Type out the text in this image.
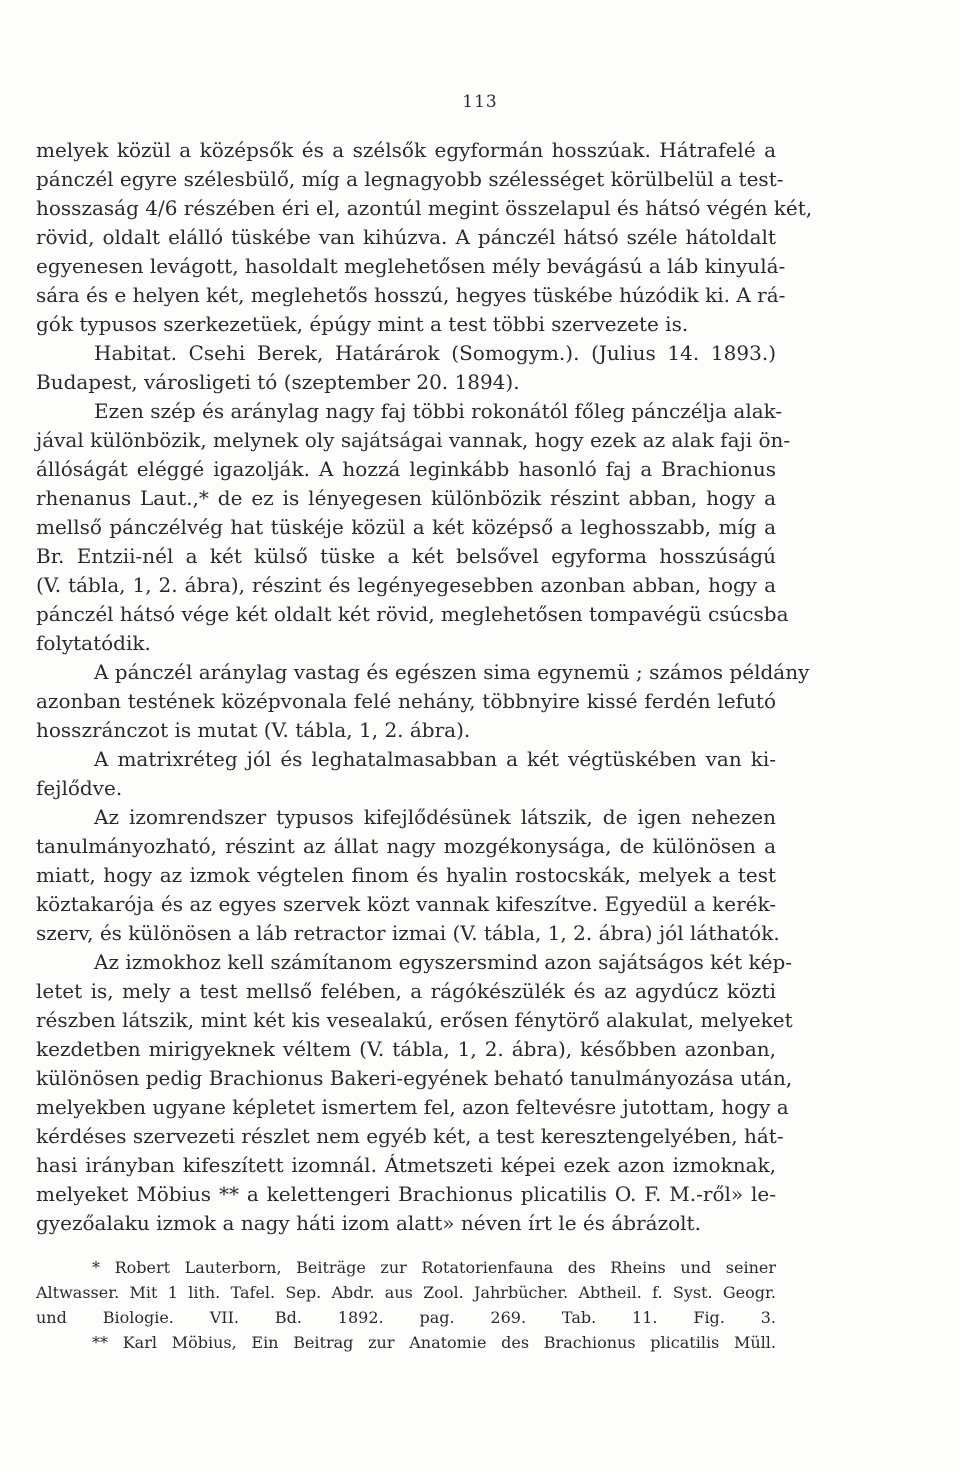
113
melyek közül a középsők és a szélsők egyformán hosszúak. Hátrafelé a
pánczél egyre szélesbülő, míg a legnagyobb szélességet körülbelül a test-
hosszaság 4/6 részében éri el, azontúl megint összelapul és hátsó végén két,
rövid, oldalt elálló tüskébe van kihúzva. A pánczél hátsó széle hátoldalt
egyenesen levágott, hasoldalt meglehetősen mély bevágású a láb kinyulá-
sára és e helyen két, meglehetős hosszú, hegyes tüskébe húzódik ki. A rá-
gók typusos szerkezetüek, épúgy mint a test többi szervezete is.
Habitat. Csehi Berek, Határárok (Somogym.). (Julius 14. 1893.)
Budapest, városligeti tó (szeptember 20. 1894).
Ezen szép és aránylag nagy faj többi rokonától főleg pánczélja alak-
jával különbözik, melynek oly sajátságai vannak, hogy ezek az alak faji ön-
állóságát eléggé igazolják. A hozzá leginkább hasonló faj a Brachionus
rhenanus Laut.,* de ez is lényegesen különbözik részint abban, hogy a
mellső pánczélvég hat tüskéje közül a két középső a leghosszabb, míg a
Br. Entzii-nél a két külső tüske a két belsővel egyforma hosszúságú
(V. tábla, 1, 2. ábra), részint és legényegesebben azonban abban, hogy a
pánczél hátsó vége két oldalt két rövid, meglehetősen tompavégü csúcsba
folytatódik.
A pánczél aránylag vastag és egészen sima egynemü ; számos példány
azonban testének középvonala felé nehány, többnyire kissé ferdén lefutó
hosszránczot is mutat (V. tábla, 1, 2. ábra).
A matrixréteg jól és leghatalmasabban a két végtüskében van ki-
fejlődve.
Az izomrendszer typusos kifejlődésünek látszik, de igen nehezen
tanulmányozható, részint az állat nagy mozgékonysága, de különösen a
miatt, hogy az izmok végtelen finom és hyalin rostocskák, melyek a test
köztakarója és az egyes szervek közt vannak kifeszítve. Egyedül a kerék-
szerv, és különösen a láb retractor izmai (V. tábla, 1, 2. ábra) jól láthatók.
Az izmokhoz kell számítanom egyszersmind azon sajátságos két kép-
letet is, mely a test mellső felében, a rágókészülék és az agydúcz közti
részben látszik, mint két kis vesealakú, erősen fénytörő alakulat, melyeket
kezdetben mirigyeknek véltem (V. tábla, 1, 2. ábra), későbben azonban,
különösen pedig Brachionus Bakeri-egyének beható tanulmányozása után,
melyekben ugyane képletet ismertem fel, azon feltevésre jutottam, hogy a
kérdéses szervezeti részlet nem egyéb két, a test keresztengelyében, hát-
hasi irányban kifeszített izomnál. Átmetszeti képei ezek azon izmoknak,
melyeket Möbius ** a kelettengeri Brachionus plicatilis O. F. M.-ről» le-
gyezőalaku izmok a nagy háti izom alatt» néven írt le és ábrázolt.
* Robert Lauterborn, Beiträge zur Rotatorienfauna des Rheins und seiner
Altwasser. Mit 1 lith. Tafel. Sep. Abdr. aus Zool. Jahrbücher. Abtheil. f. Syst. Geogr.
und Biologie. VII. Bd. 1892. pag. 269. Tab. 11. Fig. 3.
** Karl Möbius, Ein Beitrag zur Anatomie des Brachionus plicatilis Müll.
